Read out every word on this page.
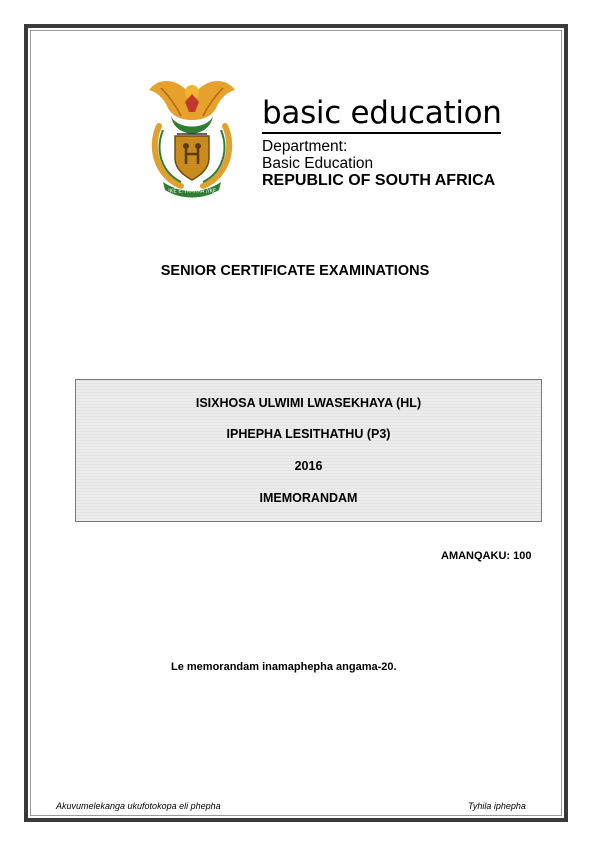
!KE E: /XARRA //KE
basic education
Department:
Basic Education
REPUBLIC OF SOUTH AFRICA
SENIOR CERTIFICATE EXAMINATIONS
ISIXHOSA ULWIMI LWASEKHAYA (HL)
IPHEPHA LESITHATHU (P3)
2016
IMEMORANDAM
AMANQAKU: 100
Le memorandam inamaphepha angama-20.
Akuvumelekanga ukufotokopa eli phepha	Tyhila iphepha
